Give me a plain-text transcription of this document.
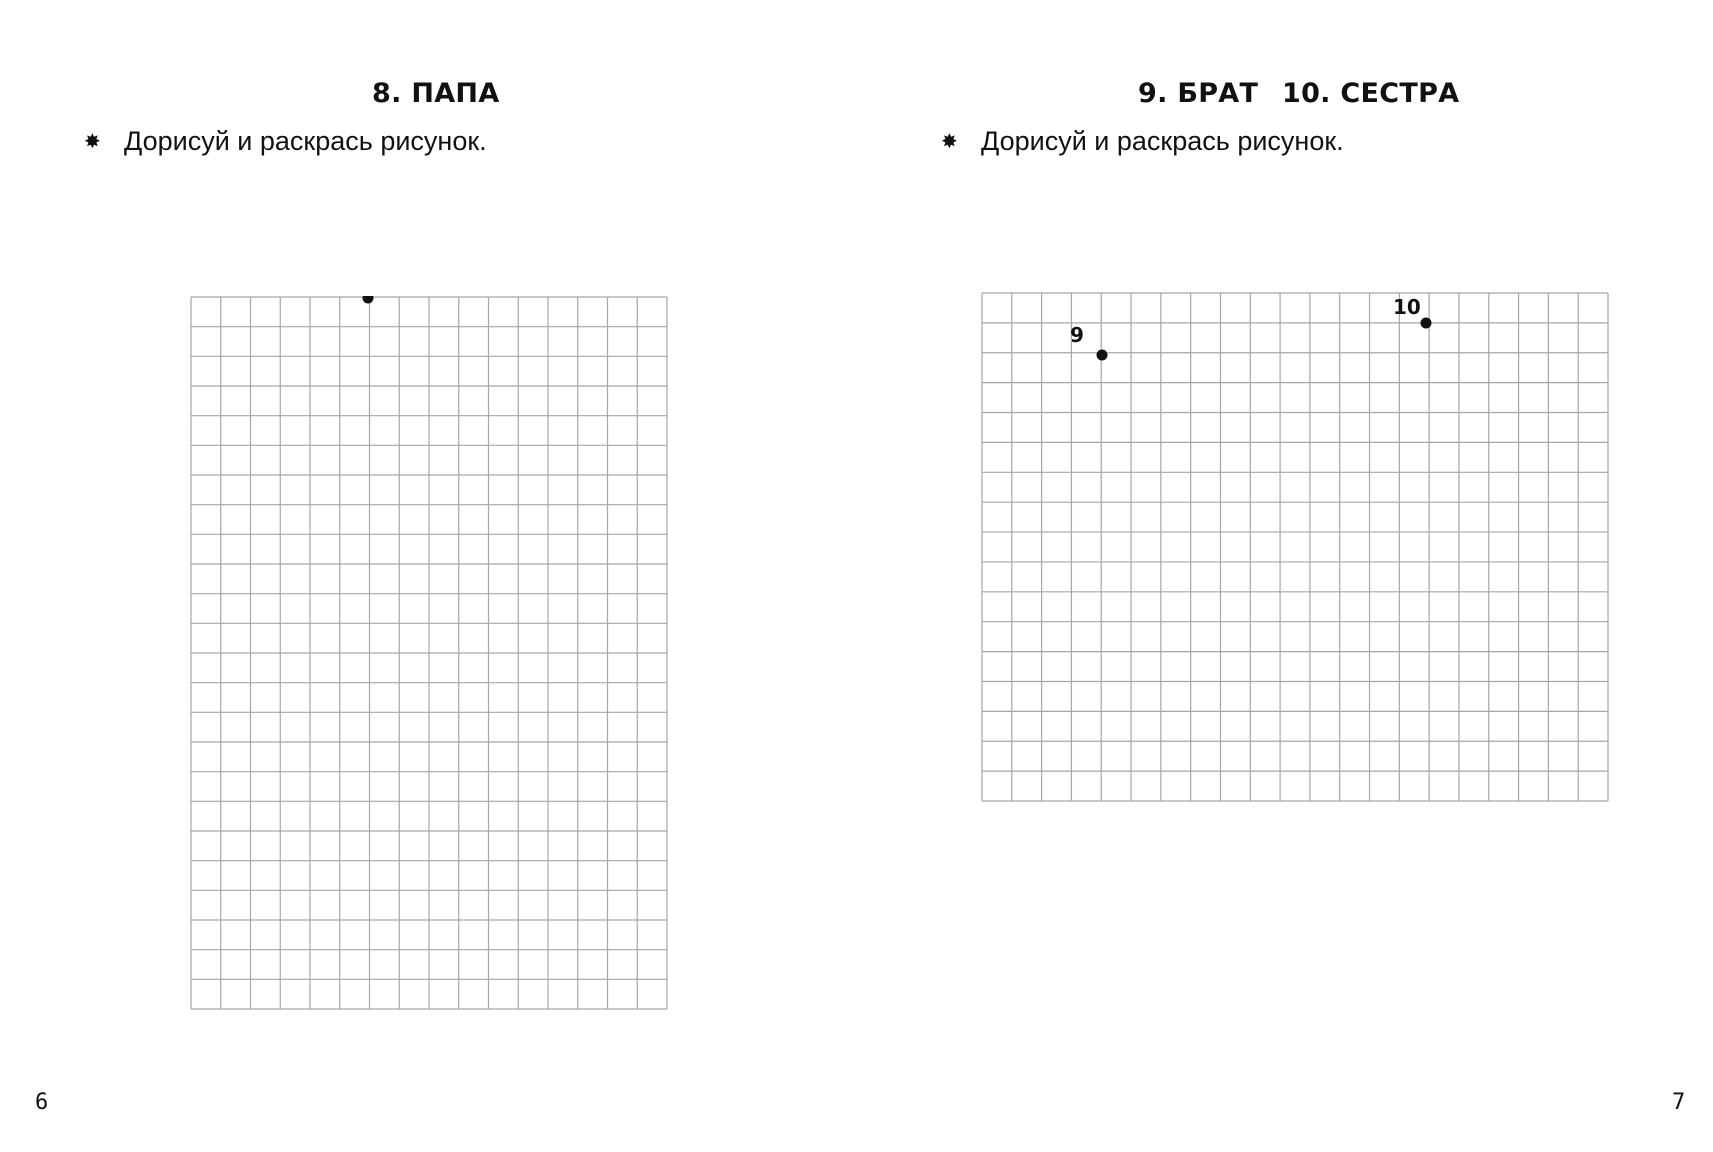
8. ПАПА
✸ Дорисуй и раскрась рисунок.
6
9. БРАТ 10. СЕСТРА
✸ Дорисуй и раскрась рисунок.
9
10
7
